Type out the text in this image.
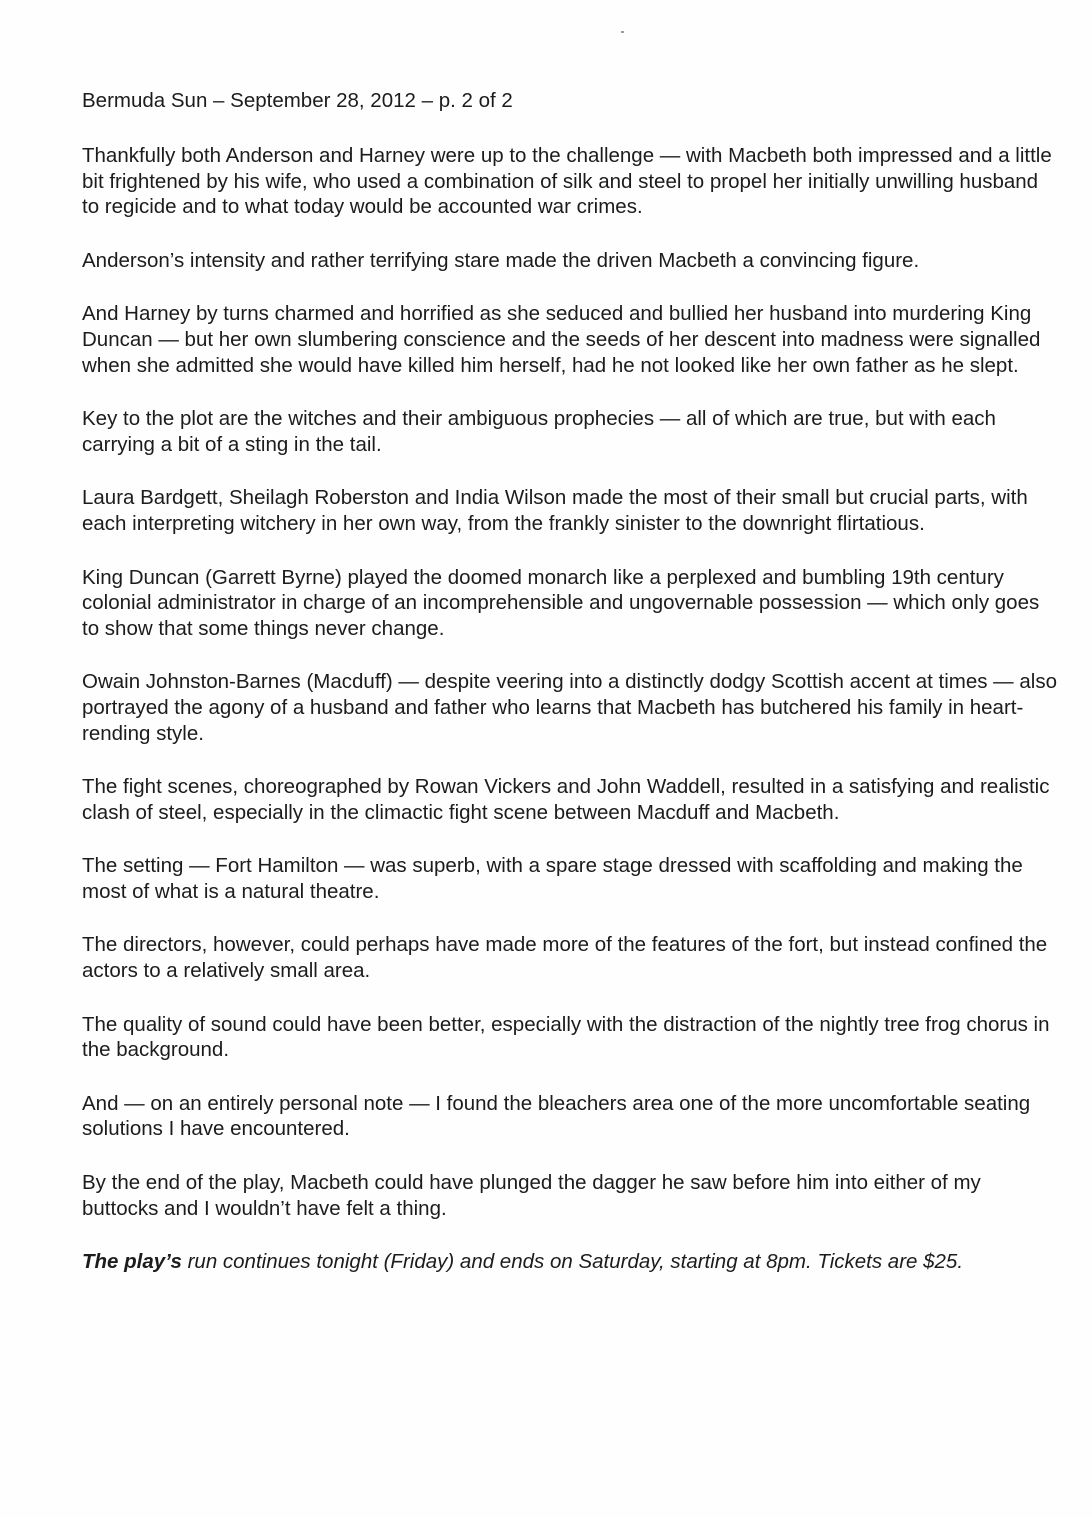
Bermuda Sun – September 28, 2012 – p. 2 of 2

Thankfully both Anderson and Harney were up to the challenge — with Macbeth both impressed and a little bit frightened by his wife, who used a combination of silk and steel to propel her initially unwilling husband to regicide and to what today would be accounted war crimes.

Anderson’s intensity and rather terrifying stare made the driven Macbeth a convincing figure.

And Harney by turns charmed and horrified as she seduced and bullied her husband into murdering King Duncan — but her own slumbering conscience and the seeds of her descent into madness were signalled when she admitted she would have killed him herself, had he not looked like her own father as he slept.

Key to the plot are the witches and their ambiguous prophecies — all of which are true, but with each carrying a bit of a sting in the tail.

Laura Bardgett, Sheilagh Roberston and India Wilson made the most of their small but crucial parts, with each interpreting witchery in her own way, from the frankly sinister to the downright flirtatious.

King Duncan (Garrett Byrne) played the doomed monarch like a perplexed and bumbling 19th century colonial administrator in charge of an incomprehensible and ungovernable possession — which only goes to show that some things never change.

Owain Johnston-Barnes (Macduff) — despite veering into a distinctly dodgy Scottish accent at times — also portrayed the agony of a husband and father who learns that Macbeth has butchered his family in heart-rending style.

The fight scenes, choreographed by Rowan Vickers and John Waddell, resulted in a satisfying and realistic clash of steel, especially in the climactic fight scene between Macduff and Macbeth.

The setting — Fort Hamilton — was superb, with a spare stage dressed with scaffolding and making the most of what is a natural theatre.

The directors, however, could perhaps have made more of the features of the fort, but instead confined the actors to a relatively small area.

The quality of sound could have been better, especially with the distraction of the nightly tree frog chorus in the background.

And — on an entirely personal note — I found the bleachers area one of the more uncomfortable seating solutions I have encountered.

By the end of the play, Macbeth could have plunged the dagger he saw before him into either of my buttocks and I wouldn’t have felt a thing.

The play’s run continues tonight (Friday) and ends on Saturday, starting at 8pm. Tickets are $25.
